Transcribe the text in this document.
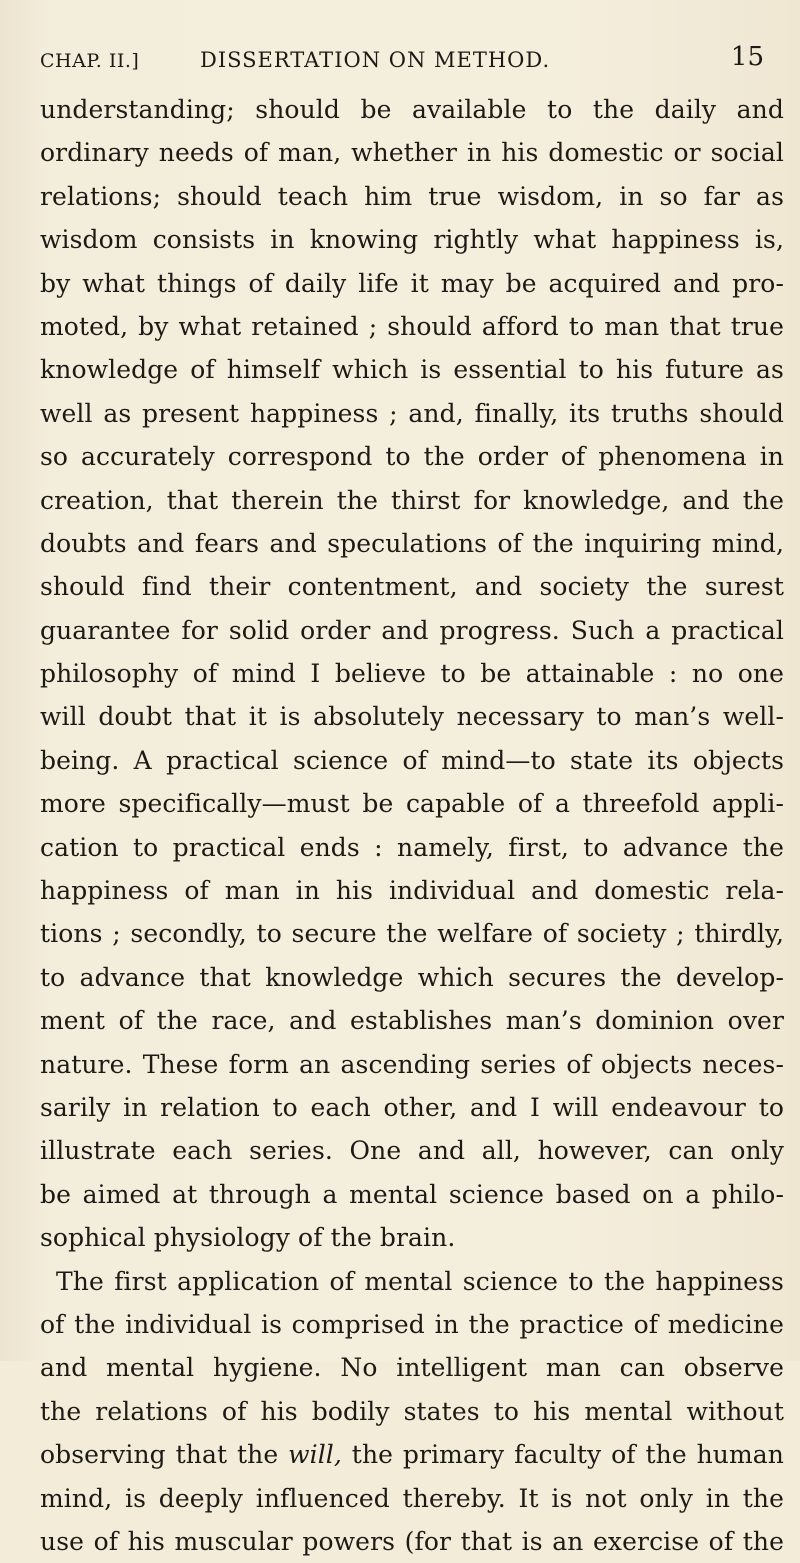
CHAP. II.]	DISSERTATION ON METHOD.	15
understanding; should be available to the daily and
ordinary needs of man, whether in his domestic or social
relations; should teach him true wisdom, in so far as
wisdom consists in knowing rightly what happiness is,
by what things of daily life it may be acquired and pro-
moted, by what retained ; should afford to man that true
knowledge of himself which is essential to his future as
well as present happiness ; and, finally, its truths should
so accurately correspond to the order of phenomena in
creation, that therein the thirst for knowledge, and the
doubts and fears and speculations of the inquiring mind,
should find their contentment, and society the surest
guarantee for solid order and progress. Such a practical
philosophy of mind I believe to be attainable : no one
will doubt that it is absolutely necessary to man’s well-
being. A practical science of mind—to state its objects
more specifically—must be capable of a threefold appli-
cation to practical ends : namely, first, to advance the
happiness of man in his individual and domestic rela-
tions ; secondly, to secure the welfare of society ; thirdly,
to advance that knowledge which secures the develop-
ment of the race, and establishes man’s dominion over
nature. These form an ascending series of objects neces-
sarily in relation to each other, and I will endeavour to
illustrate each series. One and all, however, can only
be aimed at through a mental science based on a philo-
sophical physiology of the brain.
The first application of mental science to the happiness
of the individual is comprised in the practice of medicine
and mental hygiene. No intelligent man can observe
the relations of his bodily states to his mental without
observing that the will, the primary faculty of the human
mind, is deeply influenced thereby. It is not only in the
use of his muscular powers (for that is an exercise of the
